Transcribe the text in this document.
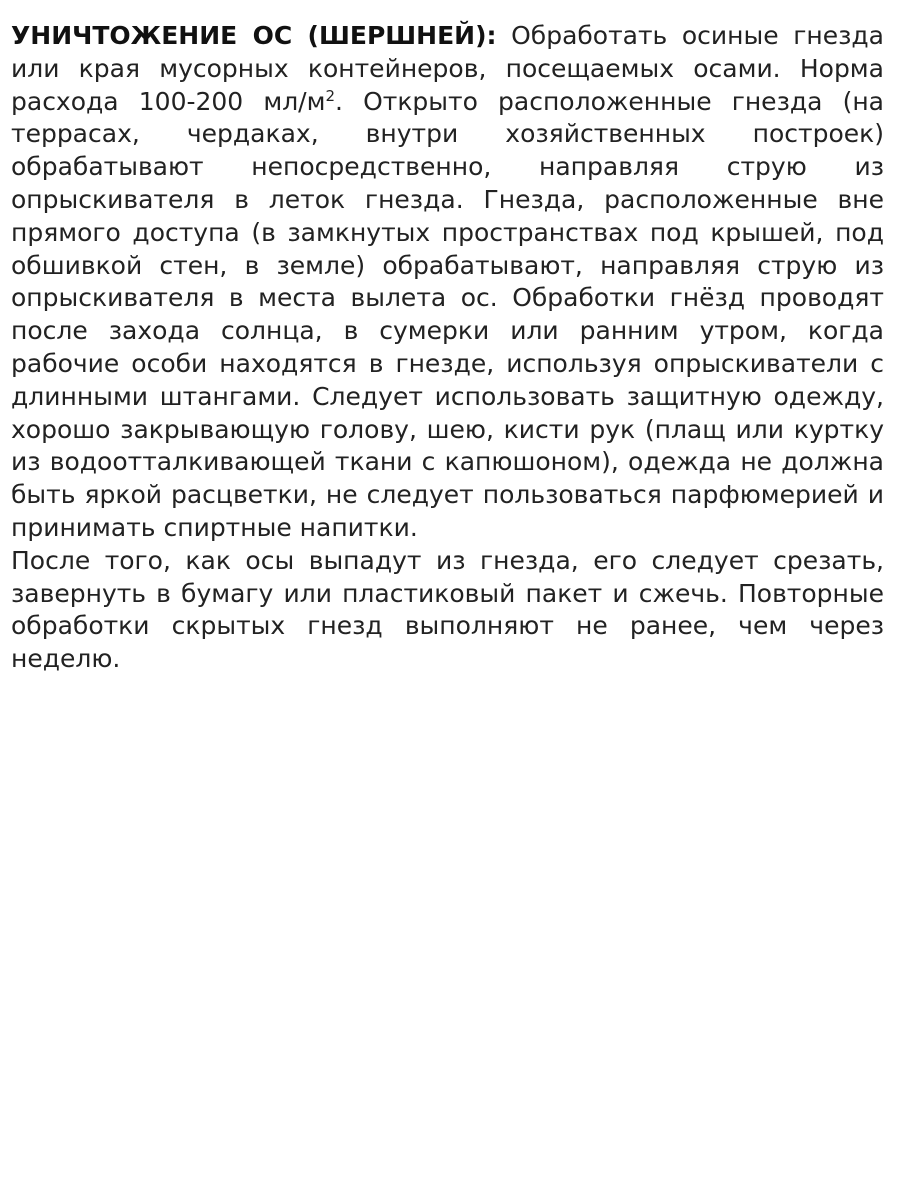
УНИЧТОЖЕНИЕ ОС (ШЕРШНЕЙ): Обработать осиные гнезда или края мусорных контейнеров, посещаемых осами. Норма расхода 100-200 $мл/м^2$. Открыто расположенные гнезда (на террасах, чердаках, внутри хозяйственных построек) обрабатывают непосредственно, направляя струю из опрыскивателя в леток гнезда. Гнезда, расположенные вне прямого доступа (в замкнутых пространствах под крышей, под обшивкой стен, в земле) обрабатывают, направляя струю из опрыскивателя в места вылета ос. Обработки гнёзд проводят после захода солнца, в сумерки или ранним утром, когда рабочие особи находятся в гнезде, используя опрыскиватели с длинными штангами. Следует использовать защитную одежду, хорошо закрывающую голову, шею, кисти рук (плащ или куртку из водоотталкивающей ткани с капюшоном), одежда не должна быть яркой расцветки, не следует пользоваться парфюмерией и принимать спиртные напитки.

После того, как осы выпадут из гнезда, его следует срезать, завернуть в бумагу или пластиковый пакет и сжечь. Повторные обработки скрытых гнезд выполняют не ранее, чем через неделю.
